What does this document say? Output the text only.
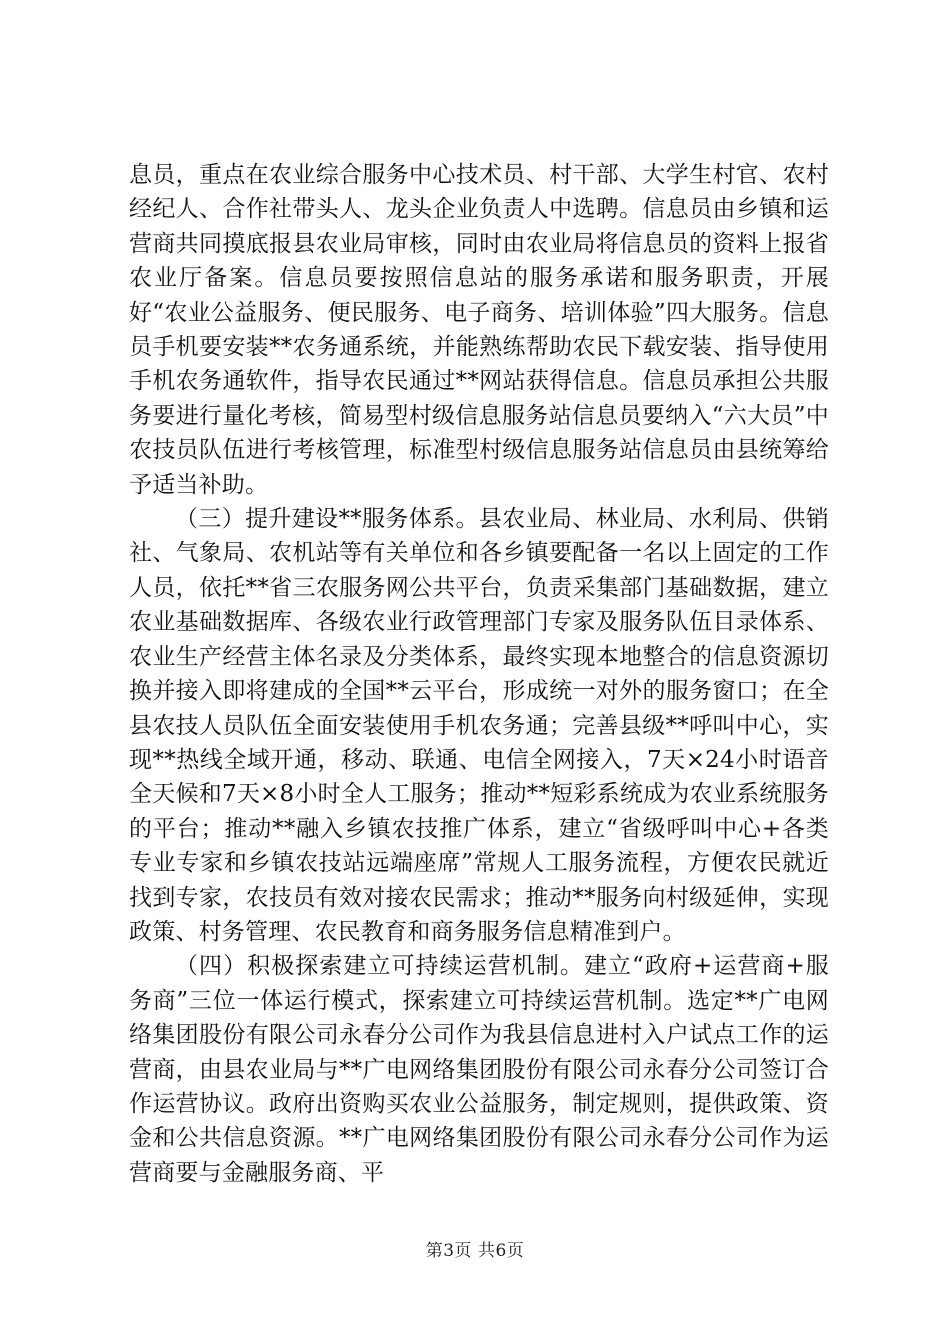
息员，重点在农业综合服务中心技术员、村干部、大学生村官、农村经纪人、合作社带头人、龙头企业负责人中选聘。信息员由乡镇和运营商共同摸底报县农业局审核，同时由农业局将信息员的资料上报省农业厅备案。信息员要按照信息站的服务承诺和服务职责，开展好“农业公益服务、便民服务、电子商务、培训体验”四大服务。信息员手机要安装**农务通系统，并能熟练帮助农民下载安装、指导使用手机农务通软件，指导农民通过**网站获得信息。信息员承担公共服务要进行量化考核，简易型村级信息服务站信息员要纳入“六大员”中农技员队伍进行考核管理，标准型村级信息服务站信息员由县统筹给予适当补助。

（三）提升建设**服务体系。县农业局、林业局、水利局、供销社、气象局、农机站等有关单位和各乡镇要配备一名以上固定的工作人员，依托**省三农服务网公共平台，负责采集部门基础数据，建立农业基础数据库、各级农业行政管理部门专家及服务队伍目录体系、农业生产经营主体名录及分类体系，最终实现本地整合的信息资源切换并接入即将建成的全国**云平台，形成统一对外的服务窗口；在全县农技人员队伍全面安装使用手机农务通；完善县级**呼叫中心，实现**热线全域开通，移动、联通、电信全网接入，7天×24小时语音全天候和7天×8小时全人工服务；推动**短彩系统成为农业系统服务的平台；推动**融入乡镇农技推广体系，建立“省级呼叫中心+各类专业专家和乡镇农技站远端座席”常规人工服务流程，方便农民就近找到专家，农技员有效对接农民需求；推动**服务向村级延伸，实现政策、村务管理、农民教育和商务服务信息精准到户。

（四）积极探索建立可持续运营机制。建立“政府+运营商+服务商”三位一体运行模式，探索建立可持续运营机制。选定**广电网络集团股份有限公司永春分公司作为我县信息进村入户试点工作的运营商，由县农业局与**广电网络集团股份有限公司永春分公司签订合作运营协议。政府出资购买农业公益服务，制定规则，提供政策、资金和公共信息资源。**广电网络集团股份有限公司永春分公司作为运营商要与金融服务商、平

第3页 共6页
